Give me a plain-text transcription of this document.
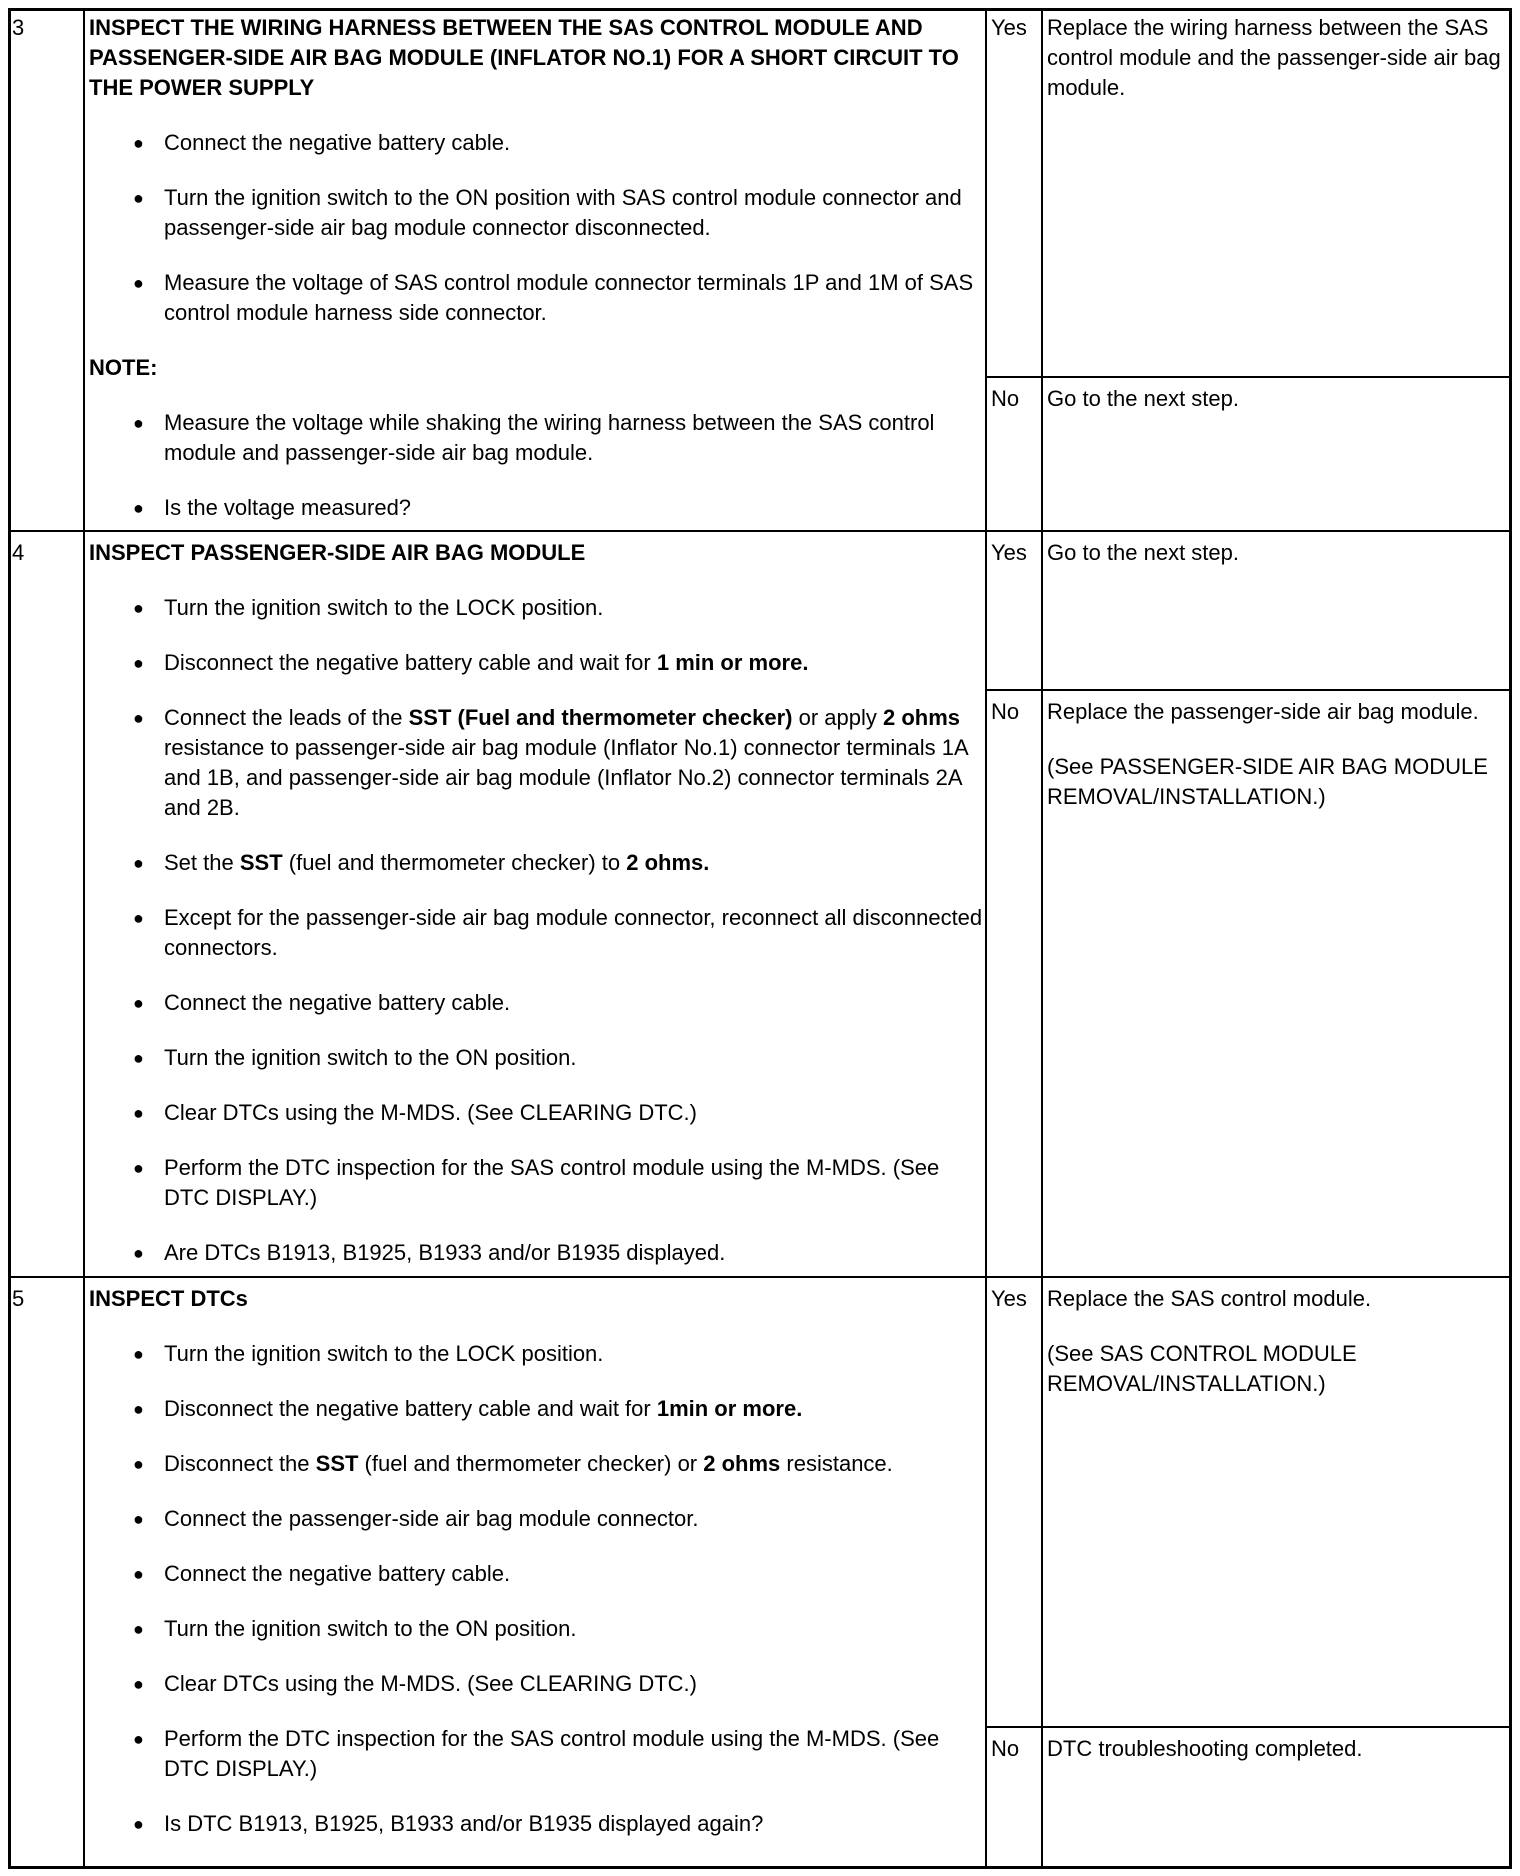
3	INSPECT THE WIRING HARNESS BETWEEN THE SAS CONTROL MODULE AND PASSENGER-SIDE AIR BAG MODULE (INFLATOR NO.1) FOR A SHORT CIRCUIT TO THE POWER SUPPLY

● Connect the negative battery cable.
● Turn the ignition switch to the ON position with SAS control module connector and passenger-side air bag module connector disconnected.
● Measure the voltage of SAS control module connector terminals 1P and 1M of SAS control module harness side connector.

NOTE:

● Measure the voltage while shaking the wiring harness between the SAS control module and passenger-side air bag module.
● Is the voltage measured?
Yes Replace the wiring harness between the SAS control module and the passenger-side air bag module.

No Go to the next step.

4	INSPECT PASSENGER-SIDE AIR BAG MODULE

● Turn the ignition switch to the LOCK position.
● Disconnect the negative battery cable and wait for 1 min or more.
● Connect the leads of the SST (Fuel and thermometer checker) or apply 2 ohms resistance to passenger-side air bag module (Inflator No.1) connector terminals 1A and 1B, and passenger-side air bag module (Inflator No.2) connector terminals 2A and 2B.
● Set the SST (fuel and thermometer checker) to 2 ohms.
● Except for the passenger-side air bag module connector, reconnect all disconnected connectors.
● Connect the negative battery cable.
● Turn the ignition switch to the ON position.
● Clear DTCs using the M-MDS. (See CLEARING DTC.)
● Perform the DTC inspection for the SAS control module using the M-MDS. (See DTC DISPLAY.)
● Are DTCs B1913, B1925, B1933 and/or B1935 displayed.
Yes Go to the next step.

No Replace the passenger-side air bag module.

(See PASSENGER-SIDE AIR BAG MODULE REMOVAL/INSTALLATION.)

5	INSPECT DTCs

● Turn the ignition switch to the LOCK position.
● Disconnect the negative battery cable and wait for 1min or more.
● Disconnect the SST (fuel and thermometer checker) or 2 ohms resistance.
● Connect the passenger-side air bag module connector.
● Connect the negative battery cable.
● Turn the ignition switch to the ON position.
● Clear DTCs using the M-MDS. (See CLEARING DTC.)
● Perform the DTC inspection for the SAS control module using the M-MDS. (See DTC DISPLAY.)
● Is DTC B1913, B1925, B1933 and/or B1935 displayed again?
Yes Replace the SAS control module.

(See SAS CONTROL MODULE REMOVAL/INSTALLATION.)

No DTC troubleshooting completed.
